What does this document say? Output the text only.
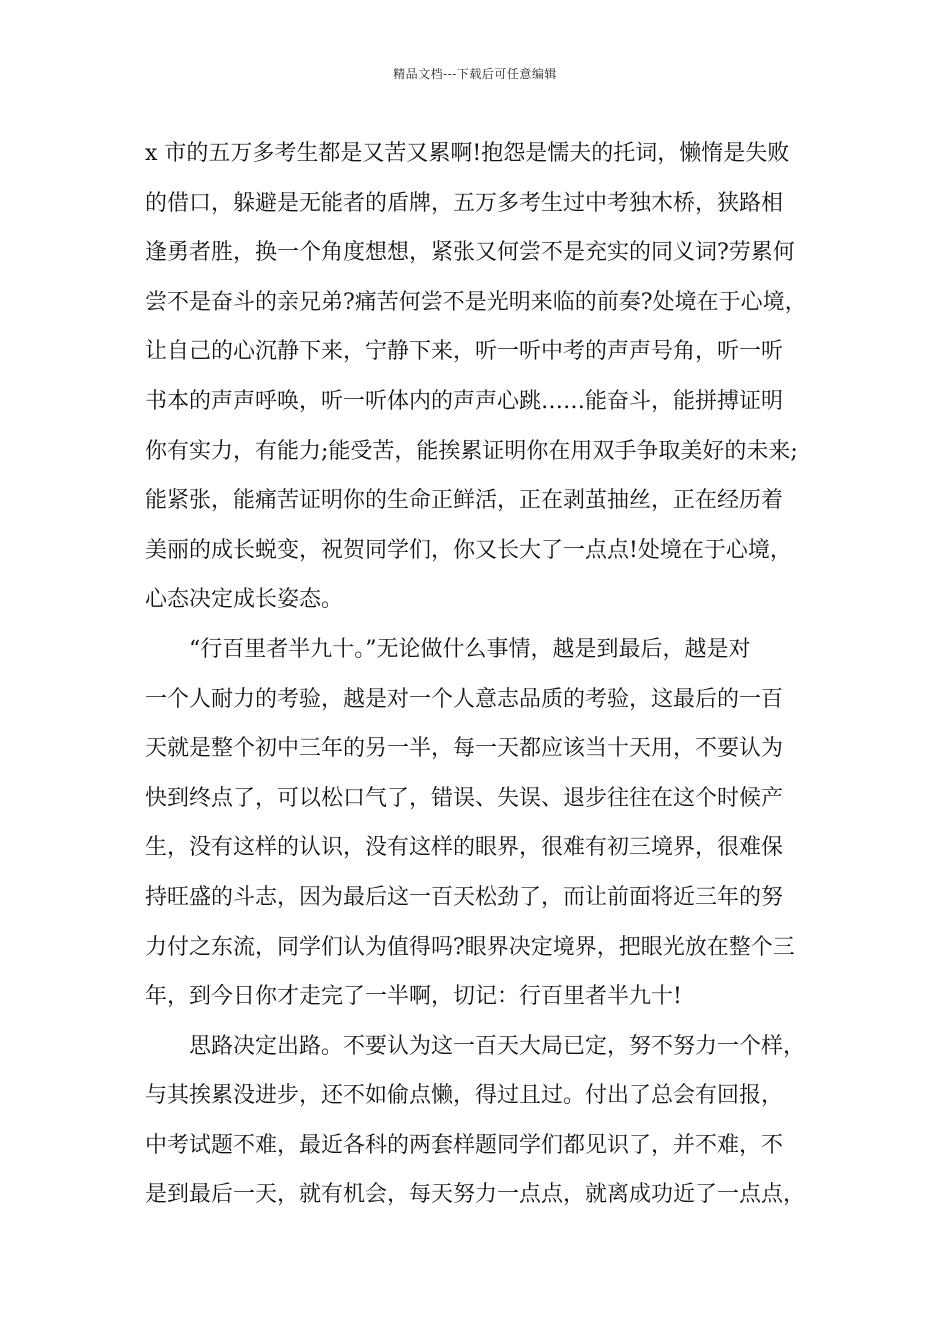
精品文档---下载后可任意编辑
x 市的五万多考生都是又苦又累啊!抱怨是懦夫的托词，懒惰是失败
的借口，躲避是无能者的盾牌，五万多考生过中考独木桥，狭路相
逢勇者胜，换一个角度想想，紧张又何尝不是充实的同义词?劳累何
尝不是奋斗的亲兄弟?痛苦何尝不是光明来临的前奏?处境在于心境，
让自己的心沉静下来，宁静下来，听一听中考的声声号角，听一听
书本的声声呼唤，听一听体内的声声心跳……能奋斗，能拼搏证明
你有实力，有能力;能受苦，能挨累证明你在用双手争取美好的未来;
能紧张，能痛苦证明你的生命正鲜活，正在剥茧抽丝，正在经历着
美丽的成长蜕变，祝贺同学们，你又长大了一点点!处境在于心境，
心态决定成长姿态。
“行百里者半九十。”无论做什么事情，越是到最后，越是对
一个人耐力的考验，越是对一个人意志品质的考验，这最后的一百
天就是整个初中三年的另一半，每一天都应该当十天用，不要认为
快到终点了，可以松口气了，错误、失误、退步往往在这个时候产
生，没有这样的认识，没有这样的眼界，很难有初三境界，很难保
持旺盛的斗志，因为最后这一百天松劲了，而让前面将近三年的努
力付之东流，同学们认为值得吗?眼界决定境界，把眼光放在整个三
年，到今日你才走完了一半啊，切记：行百里者半九十!
思路决定出路。不要认为这一百天大局已定，努不努力一个样，
与其挨累没进步，还不如偷点懒，得过且过。付出了总会有回报，
中考试题不难，最近各科的两套样题同学们都见识了，并不难，不
是到最后一天，就有机会，每天努力一点点，就离成功近了一点点，
